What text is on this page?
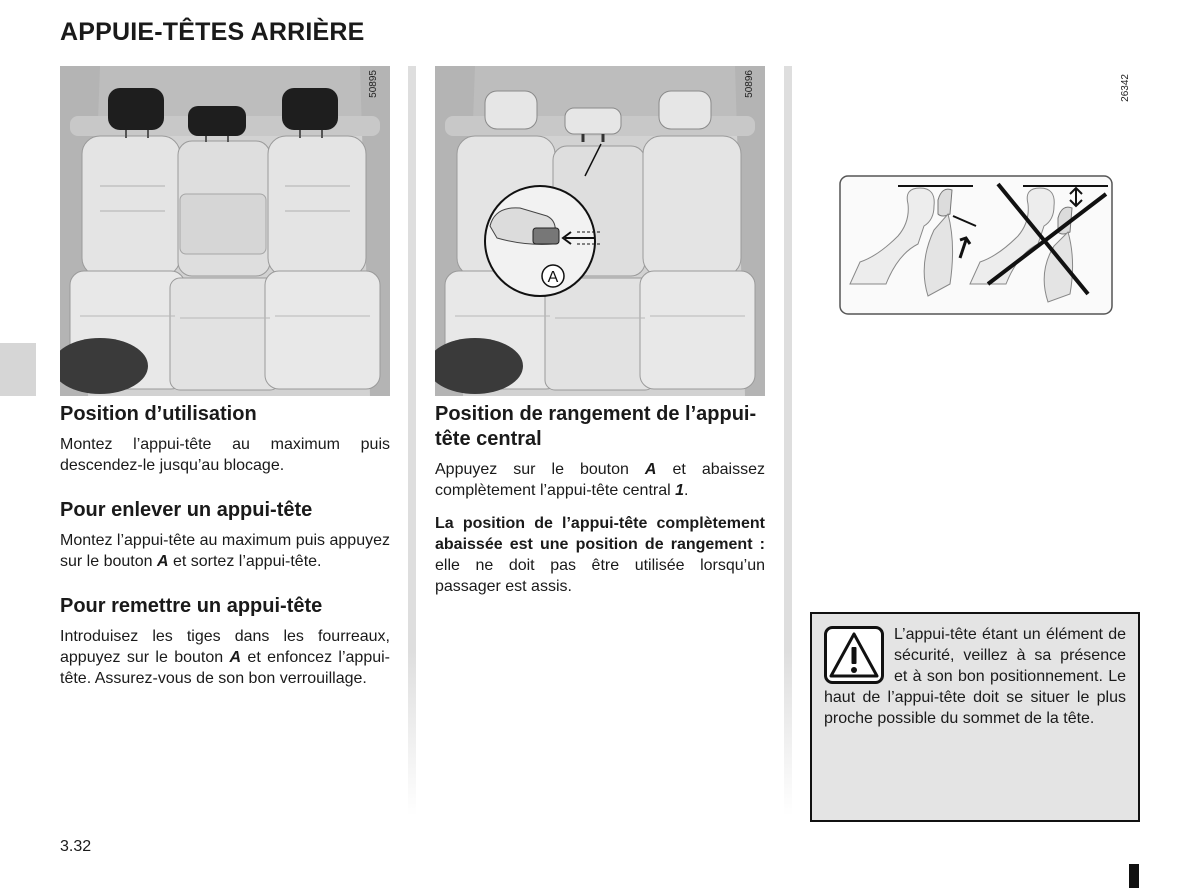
APPUIE-TÊTES ARRIÈRE
50895
A
50896	26342
Position d’utilisation

Montez l’appui-tête au maximum puis descendez-le jusqu’au blocage.

Pour enlever un appui-tête

Montez l’appui-tête au maximum puis appuyez sur le bouton A et sortez l’appui-tête.

Pour remettre un appui-tête

Introduisez les tiges dans les fourreaux, appuyez sur le bouton A et enfoncez l’appui-tête. Assurez-vous de son bon verrouillage.

Position de rangement de l’appui-tête central

Appuyez sur le bouton A et abaissez complètement l’appui-tête central 1.

La position de l’appui-tête complètement abaissée est une position de rangement : elle ne doit pas être utilisée lorsqu’un passager est assis.

L’appui-tête étant un élément de sécurité, veillez à sa présence et à son bon positionnement. Le haut de l’appui-tête doit se situer le plus proche possible du sommet de la tête.

3.32
